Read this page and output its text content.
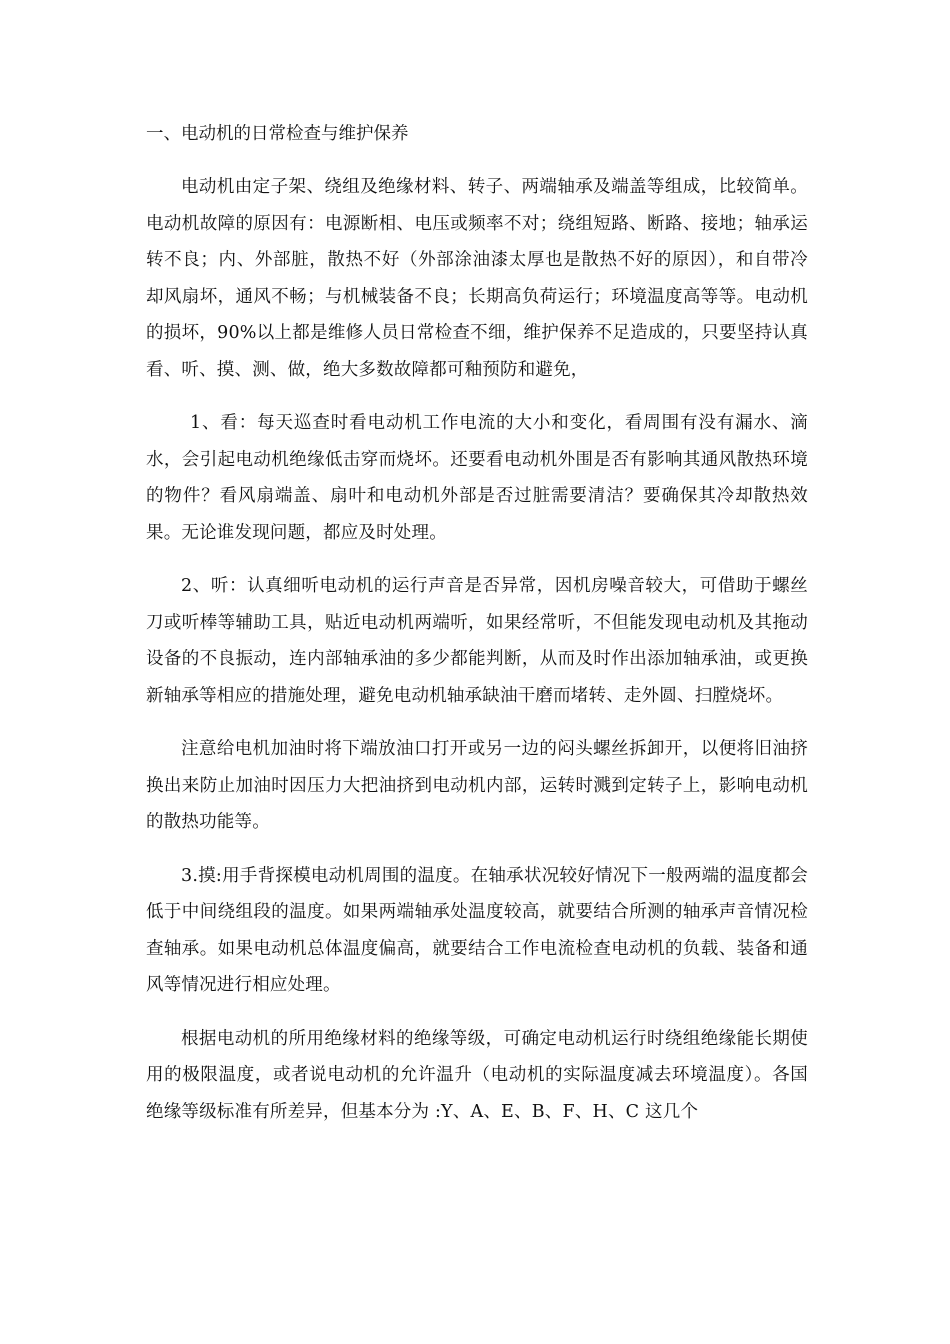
一、电动机的日常检查与维护保养

电动机由定子架、绕组及绝缘材料、转子、两端轴承及端盖等组成，比较简单。电动机故障的原因有：电源断相、电压或频率不对；绕组短路、断路、接地；轴承运转不良；内、外部脏，散热不好（外部涂油漆太厚也是散热不好的原因），和自带冷却风扇坏，通风不畅；与机械装备不良；长期高负荷运行；环境温度高等等。电动机的损坏，90%以上都是维修人员日常检查不细，维护保养不足造成的，只要坚持认真看、听、摸、测、做，绝大多数故障都可釉预防和避免，

1、看：每天巡查时看电动机工作电流的大小和变化，看周围有没有漏水、滴水，会引起电动机绝缘低击穿而烧坏。还要看电动机外围是否有影响其通风散热环境的物件？看风扇端盖、扇叶和电动机外部是否过脏需要清洁？要确保其冷却散热效果。无论谁发现问题，都应及时处理。

2、听：认真细听电动机的运行声音是否异常，因机房噪音较大，可借助于螺丝刀或听棒等辅助工具，贴近电动机两端听，如果经常听，不但能发现电动机及其拖动设备的不良振动，连内部轴承油的多少都能判断，从而及时作出添加轴承油，或更换新轴承等相应的措施处理，避免电动机轴承缺油干磨而堵转、走外圆、扫膛烧坏。

注意给电机加油时将下端放油口打开或另一边的闷头螺丝拆卸开，以便将旧油挤换出来防止加油时因压力大把油挤到电动机内部，运转时溅到定转子上，影响电动机的散热功能等。

3.摸:用手背探模电动机周围的温度。在轴承状况较好情况下一般两端的温度都会低于中间绕组段的温度。如果两端轴承处温度较高，就要结合所测的轴承声音情况检查轴承。如果电动机总体温度偏高，就要结合工作电流检查电动机的负载、装备和通风等情况进行相应处理。

根据电动机的所用绝缘材料的绝缘等级，可确定电动机运行时绕组绝缘能长期使用的极限温度，或者说电动机的允许温升（电动机的实际温度减去环境温度）。各国绝缘等级标准有所差异，但基本分为 :Y、A、E、B、F、H、C 这几个
